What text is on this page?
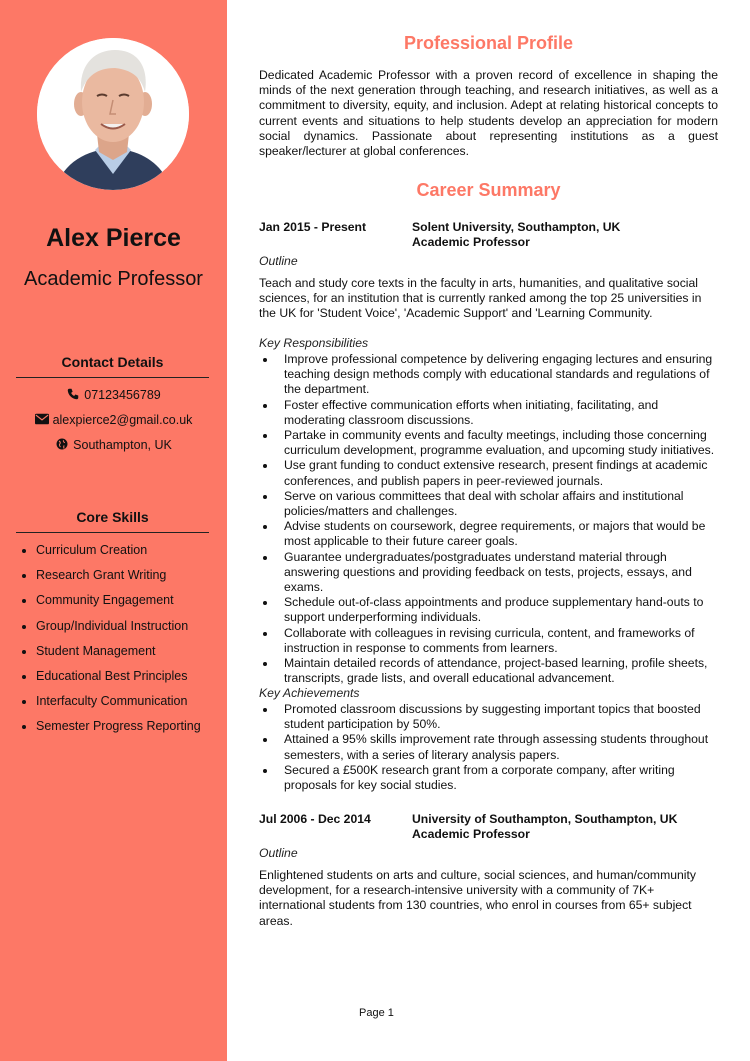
Alex Pierce
Academic Professor
Contact Details
07123456789
alexpierce2@gmail.co.uk
Southampton, UK
Core Skills
Curriculum Creation
Research Grant Writing
Community Engagement
Group/Individual Instruction
Student Management
Educational Best Principles
Interfaculty Communication
Semester Progress Reporting
Professional Profile
Dedicated Academic Professor with a proven record of excellence in shaping the minds of the next generation through teaching, and research initiatives, as well as a commitment to diversity, equity, and inclusion. Adept at relating historical concepts to current events and situations to help students develop an appreciation for modern social dynamics. Passionate about representing institutions as a guest speaker/lecturer at global conferences.
Career Summary
Jan 2015 - Present	Solent University, Southampton, UK
Academic Professor
Outline
Teach and study core texts in the faculty in arts, humanities, and qualitative social sciences, for an institution that is currently ranked among the top 25 universities in the UK for 'Student Voice', 'Academic Support' and 'Learning Community.
Key Responsibilities
Improve professional competence by delivering engaging lectures and ensuring teaching design methods comply with educational standards and regulations of the department.
Foster effective communication efforts when initiating, facilitating, and moderating classroom discussions.
Partake in community events and faculty meetings, including those concerning curriculum development, programme evaluation, and upcoming study initiatives.
Use grant funding to conduct extensive research, present findings at academic conferences, and publish papers in peer-reviewed journals.
Serve on various committees that deal with scholar affairs and institutional policies/matters and challenges.
Advise students on coursework, degree requirements, or majors that would be most applicable to their future career goals.
Guarantee undergraduates/postgraduates understand material through answering questions and providing feedback on tests, projects, essays, and exams.
Schedule out-of-class appointments and produce supplementary hand-outs to support underperforming individuals.
Collaborate with colleagues in revising curricula, content, and frameworks of instruction in response to comments from learners.
Maintain detailed records of attendance, project-based learning, profile sheets, transcripts, grade lists, and overall educational advancement.
Key Achievements
Promoted classroom discussions by suggesting important topics that boosted student participation by 50%.
Attained a 95% skills improvement rate through assessing students throughout semesters, with a series of literary analysis papers.
Secured a £500K research grant from a corporate company, after writing proposals for key social studies.
Jul 2006 - Dec 2014	University of Southampton, Southampton, UK
Academic Professor
Outline
Enlightened students on arts and culture, social sciences, and human/community development, for a research-intensive university with a community of 7K+ international students from 130 countries, who enrol in courses from 65+ subject areas.
Page 1
